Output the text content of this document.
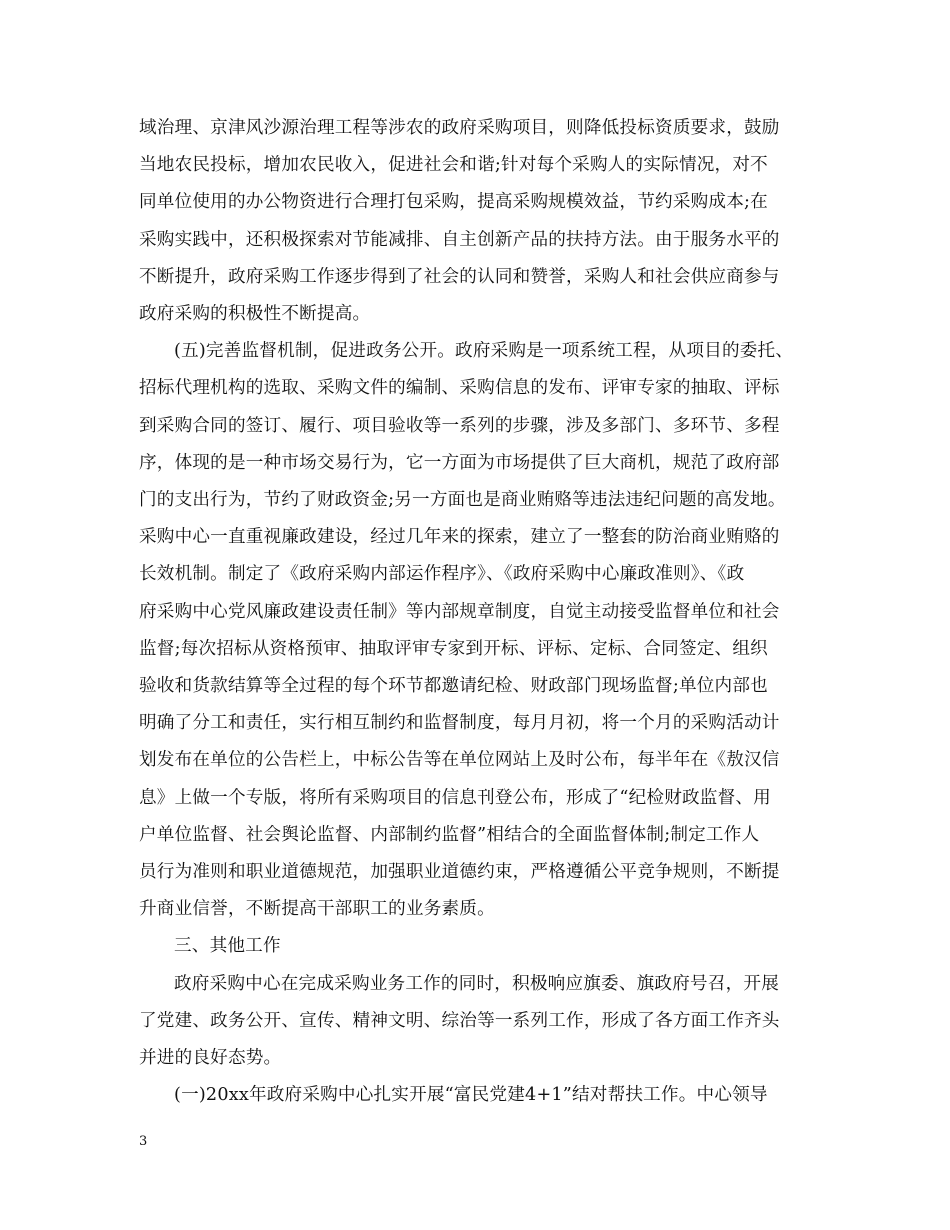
域治理、京津风沙源治理工程等涉农的政府采购项目，则降低投标资质要求，鼓励
当地农民投标，增加农民收入，促进社会和谐;针对每个采购人的实际情况，对不
同单位使用的办公物资进行合理打包采购，提高采购规模效益，节约采购成本;在
采购实践中，还积极探索对节能减排、自主创新产品的扶持方法。由于服务水平的
不断提升，政府采购工作逐步得到了社会的认同和赞誉，采购人和社会供应商参与
政府采购的积极性不断提高。
(五)完善监督机制，促进政务公开。政府采购是一项系统工程，从项目的委托、
招标代理机构的选取、采购文件的编制、采购信息的发布、评审专家的抽取、评标
到采购合同的签订、履行、项目验收等一系列的步骤，涉及多部门、多环节、多程
序，体现的是一种市场交易行为，它一方面为市场提供了巨大商机，规范了政府部
门的支出行为，节约了财政资金;另一方面也是商业贿赂等违法违纪问题的高发地。
采购中心一直重视廉政建设，经过几年来的探索，建立了一整套的防治商业贿赂的
长效机制。制定了《政府采购内部运作程序》、《政府采购中心廉政准则》、《政
府采购中心党风廉政建设责任制》等内部规章制度，自觉主动接受监督单位和社会
监督;每次招标从资格预审、抽取评审专家到开标、评标、定标、合同签定、组织
验收和货款结算等全过程的每个环节都邀请纪检、财政部门现场监督;单位内部也
明确了分工和责任，实行相互制约和监督制度，每月月初，将一个月的采购活动计
划发布在单位的公告栏上，中标公告等在单位网站上及时公布，每半年在《敖汉信
息》上做一个专版，将所有采购项目的信息刊登公布，形成了“纪检财政监督、用
户单位监督、社会舆论监督、内部制约监督”相结合的全面监督体制;制定工作人
员行为准则和职业道德规范，加强职业道德约束，严格遵循公平竞争规则，不断提
升商业信誉，不断提高干部职工的业务素质。
三、其他工作
政府采购中心在完成采购业务工作的同时，积极响应旗委、旗政府号召，开展
了党建、政务公开、宣传、精神文明、综治等一系列工作，形成了各方面工作齐头
并进的良好态势。
(一)20xx年政府采购中心扎实开展“富民党建4+1”结对帮扶工作。中心领导
3
